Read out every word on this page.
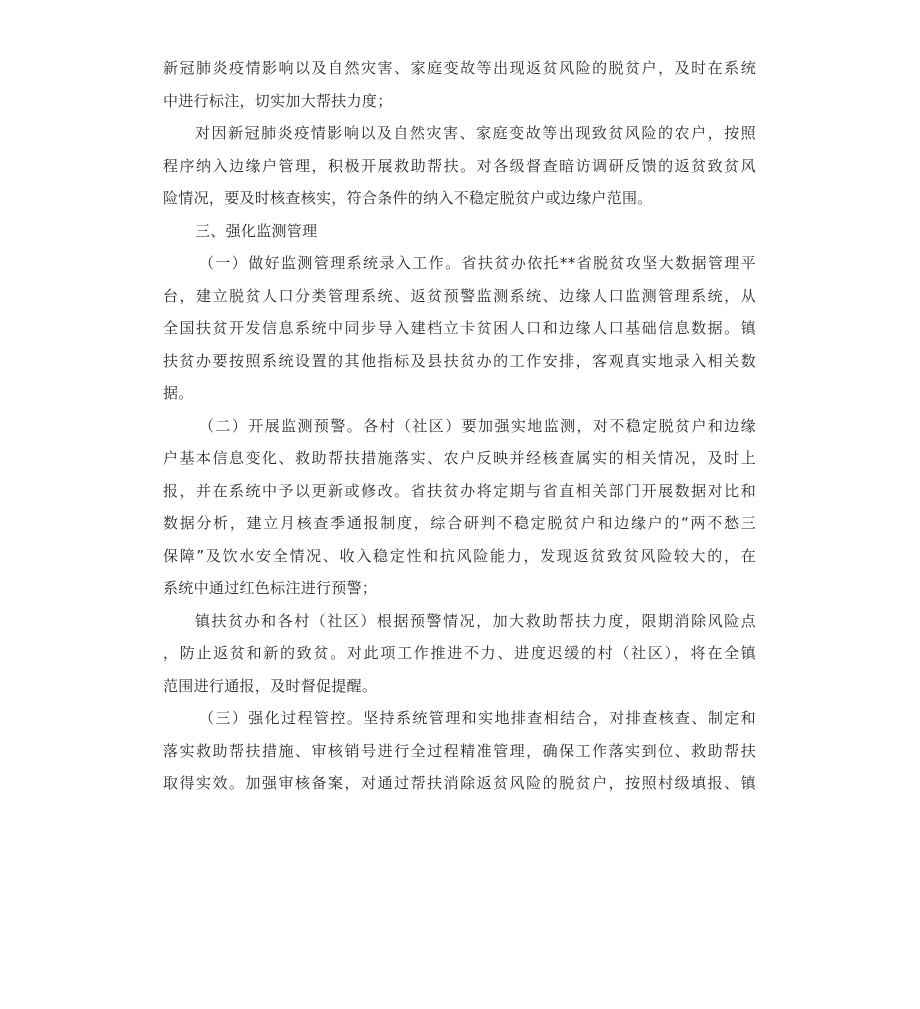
新冠肺炎疫情影响以及自然灾害、家庭变故等出现返贫风险的脱贫户，及时在系统
中进行标注，切实加大帮扶力度；
对因新冠肺炎疫情影响以及自然灾害、家庭变故等出现致贫风险的农户，按照
程序纳入边缘户管理，积极开展救助帮扶。对各级督查暗访调研反馈的返贫致贫风
险情况，要及时核查核实，符合条件的纳入不稳定脱贫户或边缘户范围。
三、强化监测管理
（一）做好监测管理系统录入工作。省扶贫办依托**省脱贫攻坚大数据管理平
台，建立脱贫人口分类管理系统、返贫预警监测系统、边缘人口监测管理系统，从
全国扶贫开发信息系统中同步导入建档立卡贫困人口和边缘人口基础信息数据。镇
扶贫办要按照系统设置的其他指标及县扶贫办的工作安排，客观真实地录入相关数
据。
（二）开展监测预警。各村（社区）要加强实地监测，对不稳定脱贫户和边缘
户基本信息变化、救助帮扶措施落实、农户反映并经核查属实的相关情况，及时上
报，并在系统中予以更新或修改。省扶贫办将定期与省直相关部门开展数据对比和
数据分析，建立月核查季通报制度，综合研判不稳定脱贫户和边缘户的“两不愁三
保障”及饮水安全情况、收入稳定性和抗风险能力，发现返贫致贫风险较大的，在
系统中通过红色标注进行预警；
镇扶贫办和各村（社区）根据预警情况，加大救助帮扶力度，限期消除风险点
，防止返贫和新的致贫。对此项工作推进不力、进度迟缓的村（社区），将在全镇
范围进行通报，及时督促提醒。
（三）强化过程管控。坚持系统管理和实地排查相结合，对排查核查、制定和
落实救助帮扶措施、审核销号进行全过程精准管理，确保工作落实到位、救助帮扶
取得实效。加强审核备案，对通过帮扶消除返贫风险的脱贫户，按照村级填报、镇
